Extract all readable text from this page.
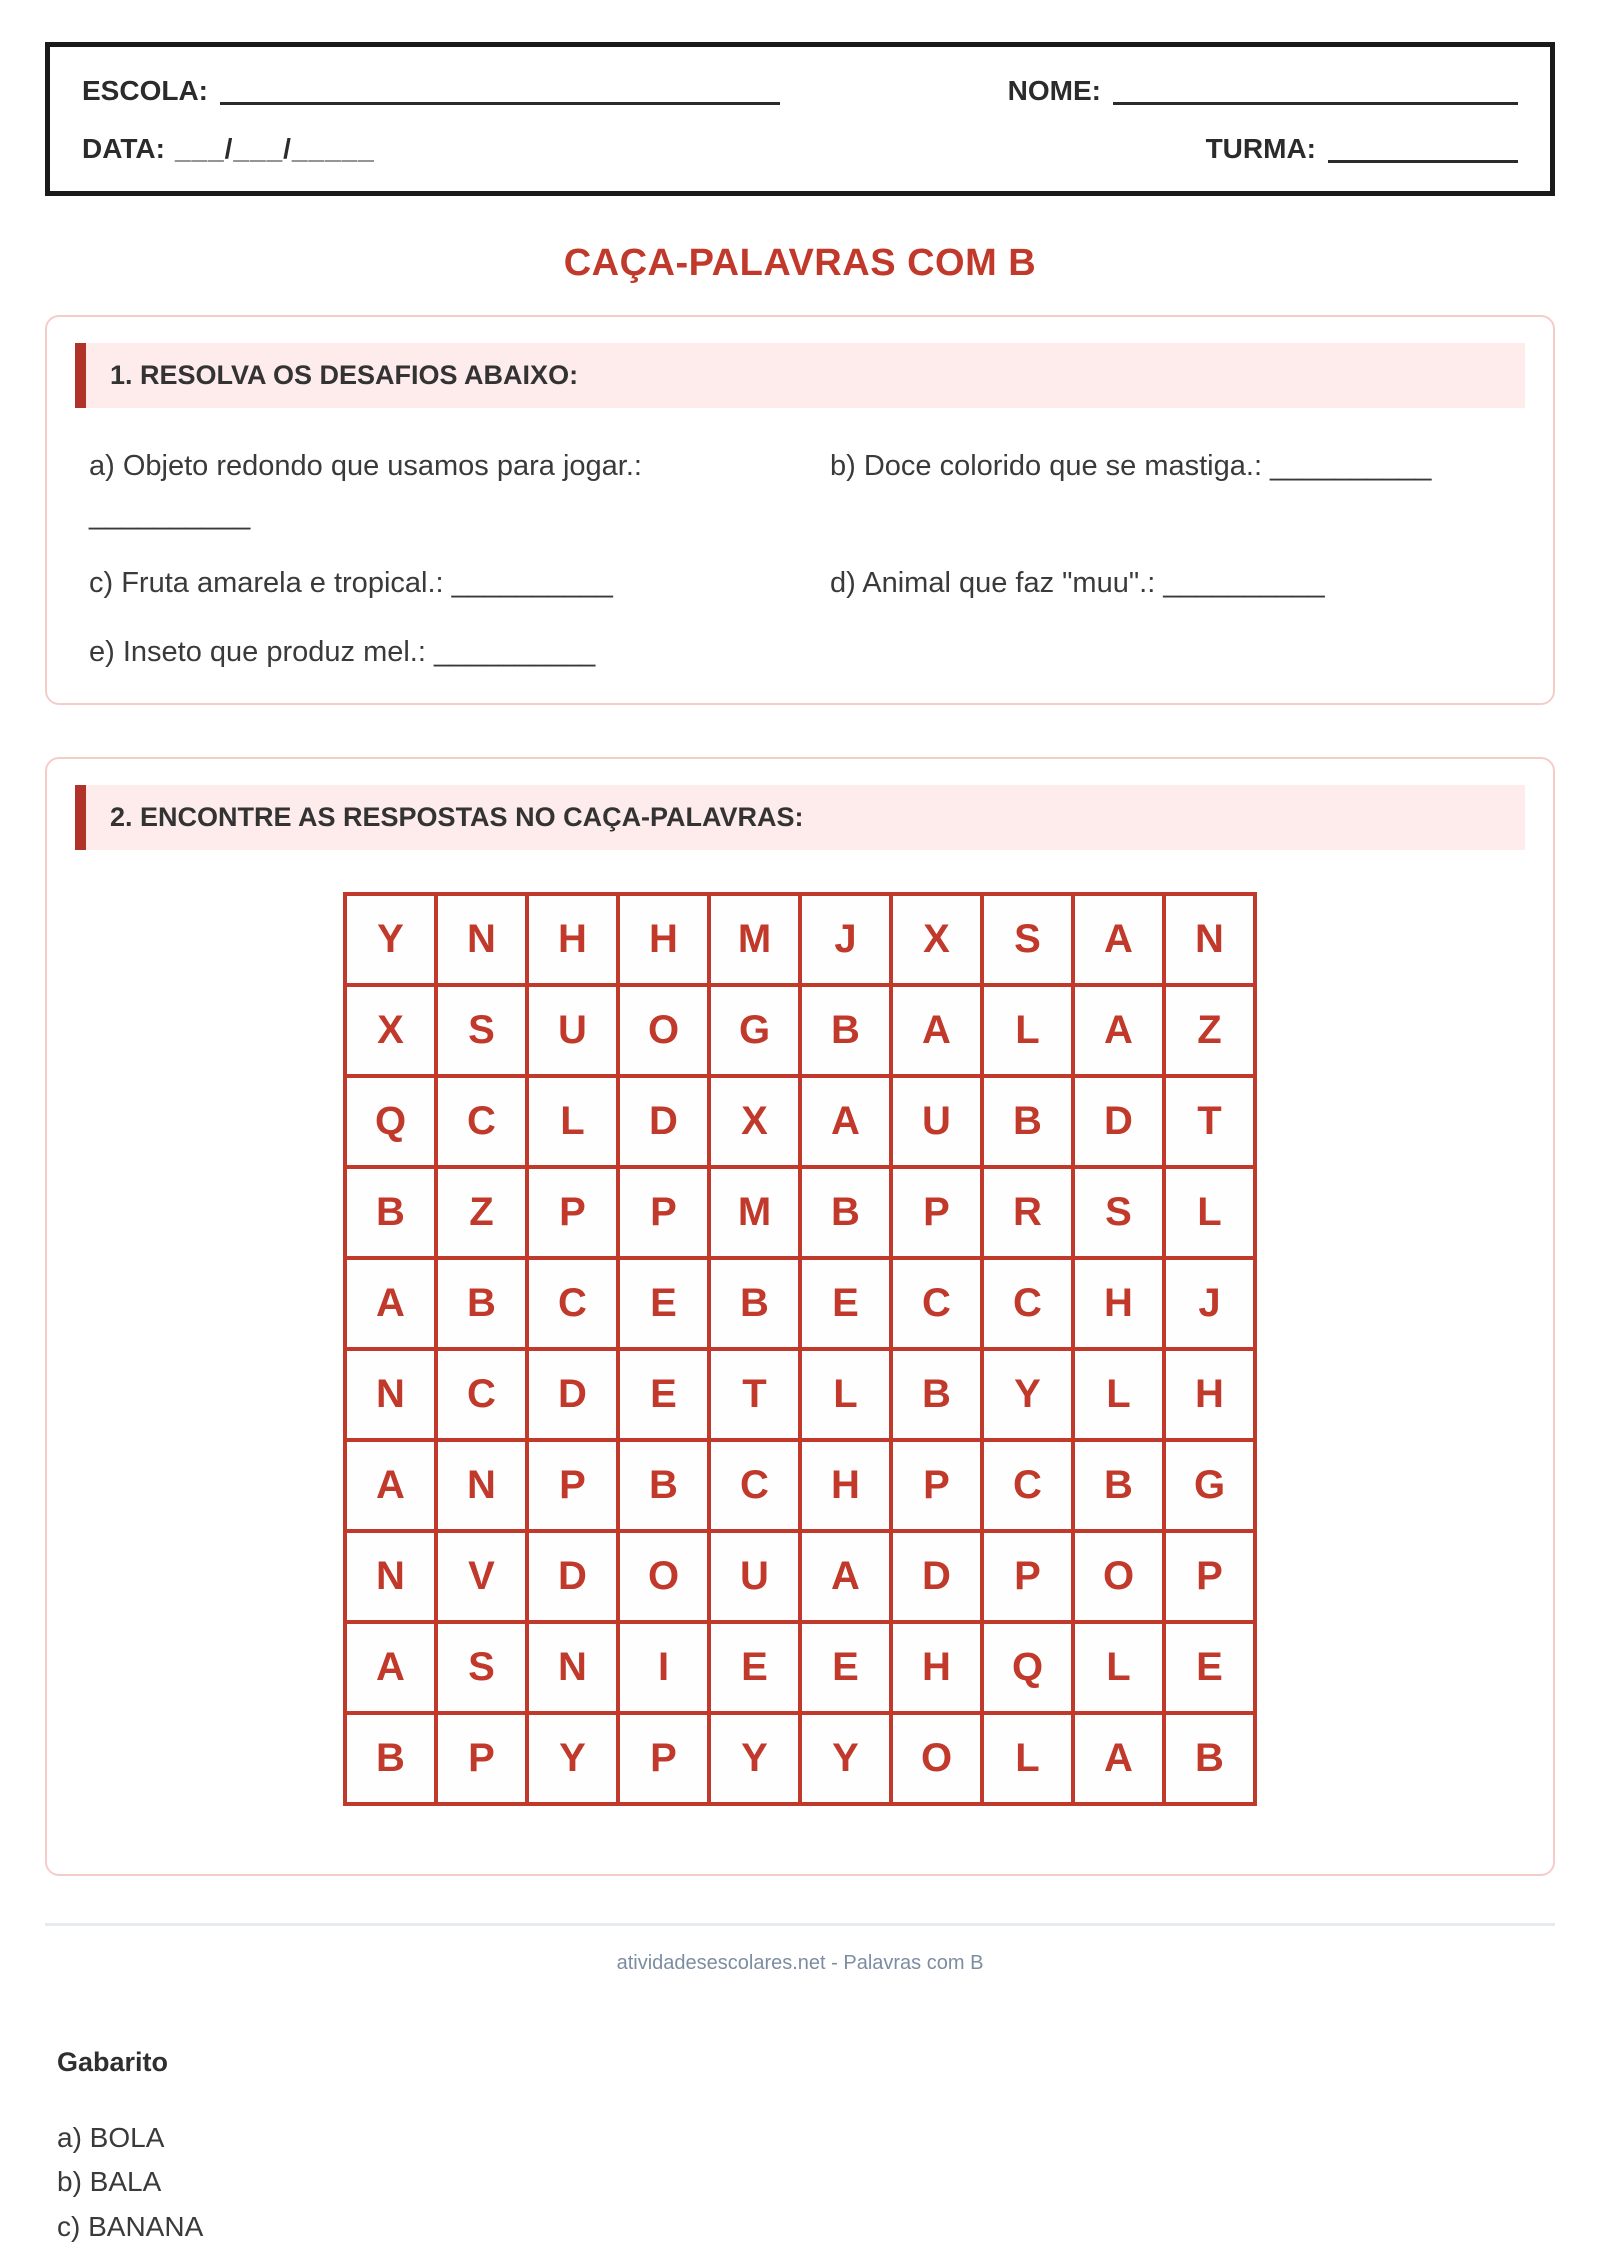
ESCOLA:	NOME:
DATA: ___/___/_____	TURMA:
CAÇA-PALAVRAS COM B
1. RESOLVA OS DESAFIOS ABAIXO:
a) Objeto redondo que usamos para jogar.: __________
b) Doce colorido que se mastiga.: __________
c) Fruta amarela e tropical.: __________	d) Animal que faz "muu".: __________
e) Inseto que produz mel.: __________
2. ENCONTRE AS RESPOSTAS NO CAÇA-PALAVRAS:
Y	N	H	H	M	J	X	S	A	N
X	S	U	O	G	B	A	L	A	Z
Q	C	L	D	X	A	U	B	D	T
B	Z	P	P	M	B	P	R	S	L
A	B	C	E	B	E	C	C	H	J
N	C	D	E	T	L	B	Y	L	H
A	N	P	B	C	H	P	C	B	G
N	V	D	O	U	A	D	P	O	P
A	S	N	I	E	E	H	Q	L	E
B	P	Y	P	Y	Y	O	L	A	B
atividadesescolares.net - Palavras com B
Gabarito
a) BOLA
b) BALA
c) BANANA
